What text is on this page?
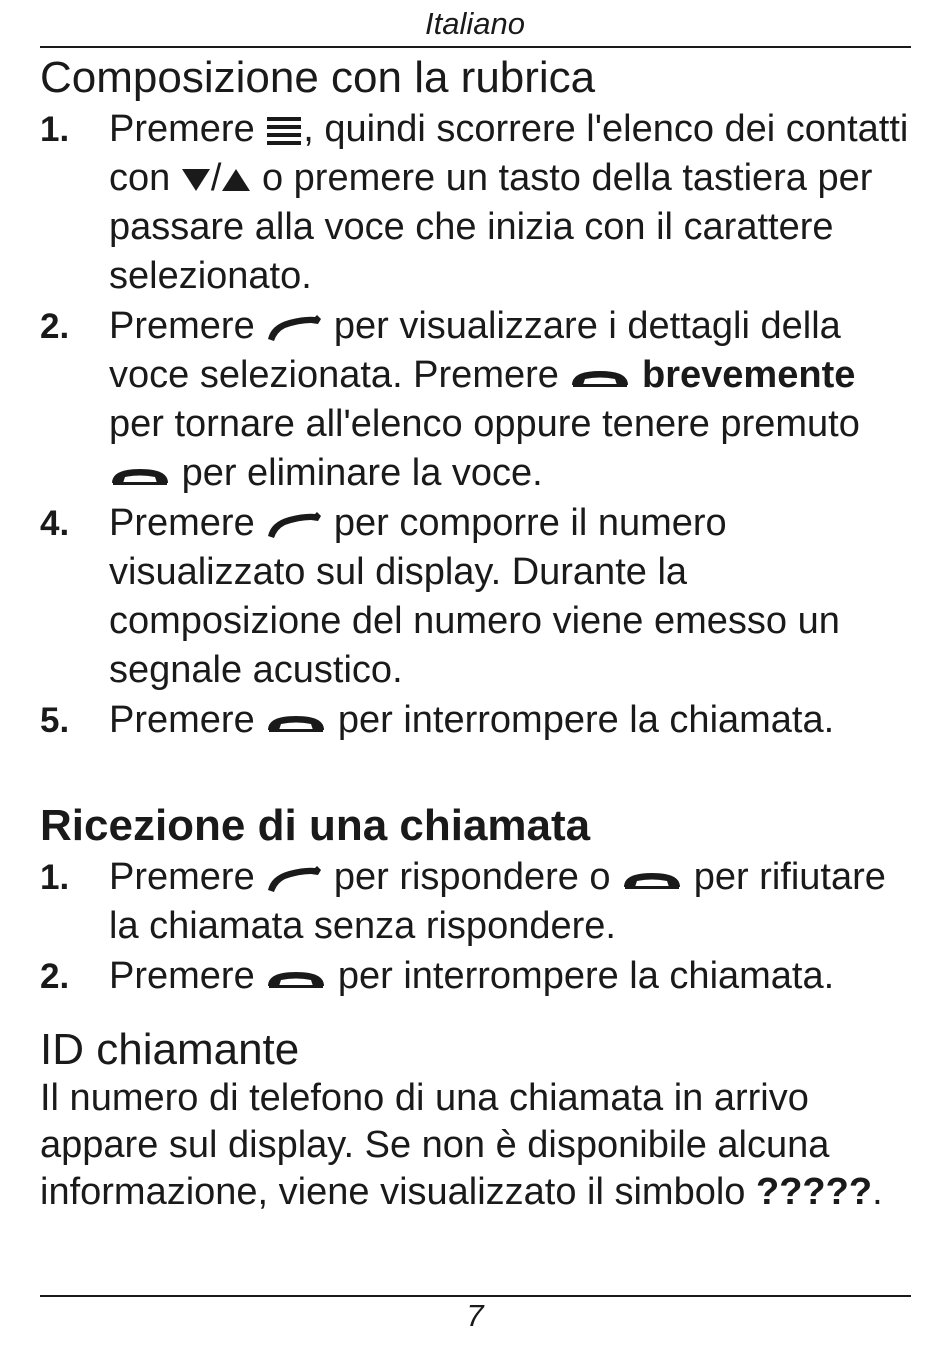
Italiano
Composizione con la rubrica
1. Premere , quindi scorrere l'elenco dei contatti con / o premere un tasto della tastiera per passare alla voce che inizia con il carattere selezionato.
2. Premere per visualizzare i dettagli della voce selezionata. Premere brevemente per tornare all'elenco oppure tenere premuto
per eliminare la voce.
4. Premere per comporre il numero visualizzato sul display. Durante la composizione del numero viene emesso un segnale acustico.
5. Premere per interrompere la chiamata.
Ricezione di una chiamata
1. Premere per rispondere o per rifiutare la chiamata senza rispondere.
2. Premere per interrompere la chiamata.
ID chiamante

Il numero di telefono di una chiamata in arrivo appare sul display. Se non è disponibile alcuna informazione, viene visualizzato il simbolo ?????.

7
